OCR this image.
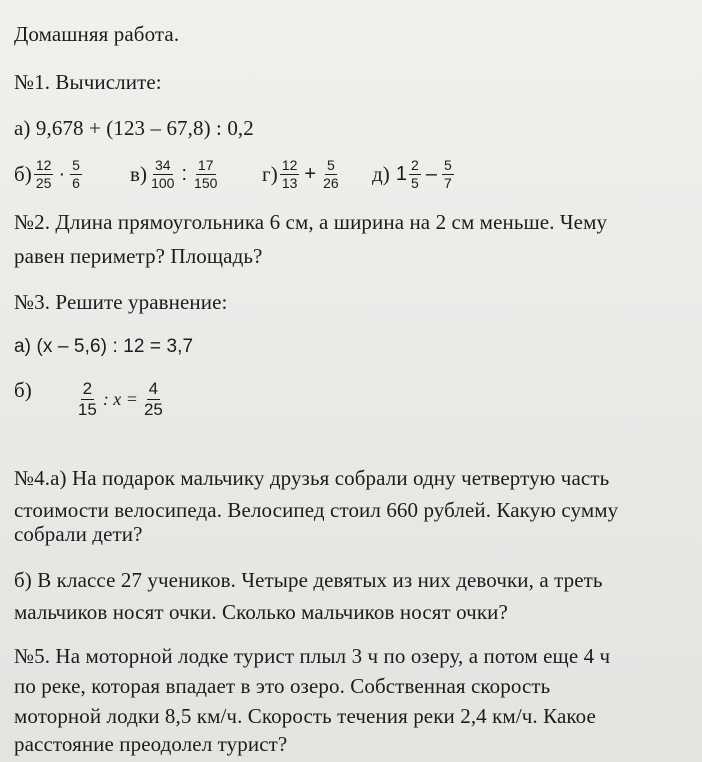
Домашняя работа.
№1. Вычислите:
а) 9,678 + (123 – 67,8) : 0,2
$б) \frac{12}{25} \cdot \frac{5}{6} в) \frac{34}{100}$ : $\frac{17}{150} г) \frac{12}{13} + \frac{5}{26} д$) $1 \frac{2}{5} - \frac{5}{7}$
№2. Длина прямоугольника 6 см, а ширина на 2 см меньше. Чему
равен периметр? Площадь?
№3. Решите уравнение:
а) (х – 5,6) : 12 = 3,7
б)	$\frac{2}{15}$ : $x = \frac{4}{25}$
№4.а) На подарок мальчику друзья собрали одну четвертую часть
стоимости велосипеда. Велосипед стоил 660 рублей. Какую сумму
собрали дети?
б) В классе 27 учеников. Четыре девятых из них девочки, а треть
мальчиков носят очки. Сколько мальчиков носят очки?
№5. На моторной лодке турист плыл 3 ч по озеру, а потом еще 4 ч
по реке, которая впадает в это озеро. Собственная скорость
моторной лодки 8,5 км/ч. Скорость течения реки 2,4 км/ч. Какое
расстояние преодолел турист?
